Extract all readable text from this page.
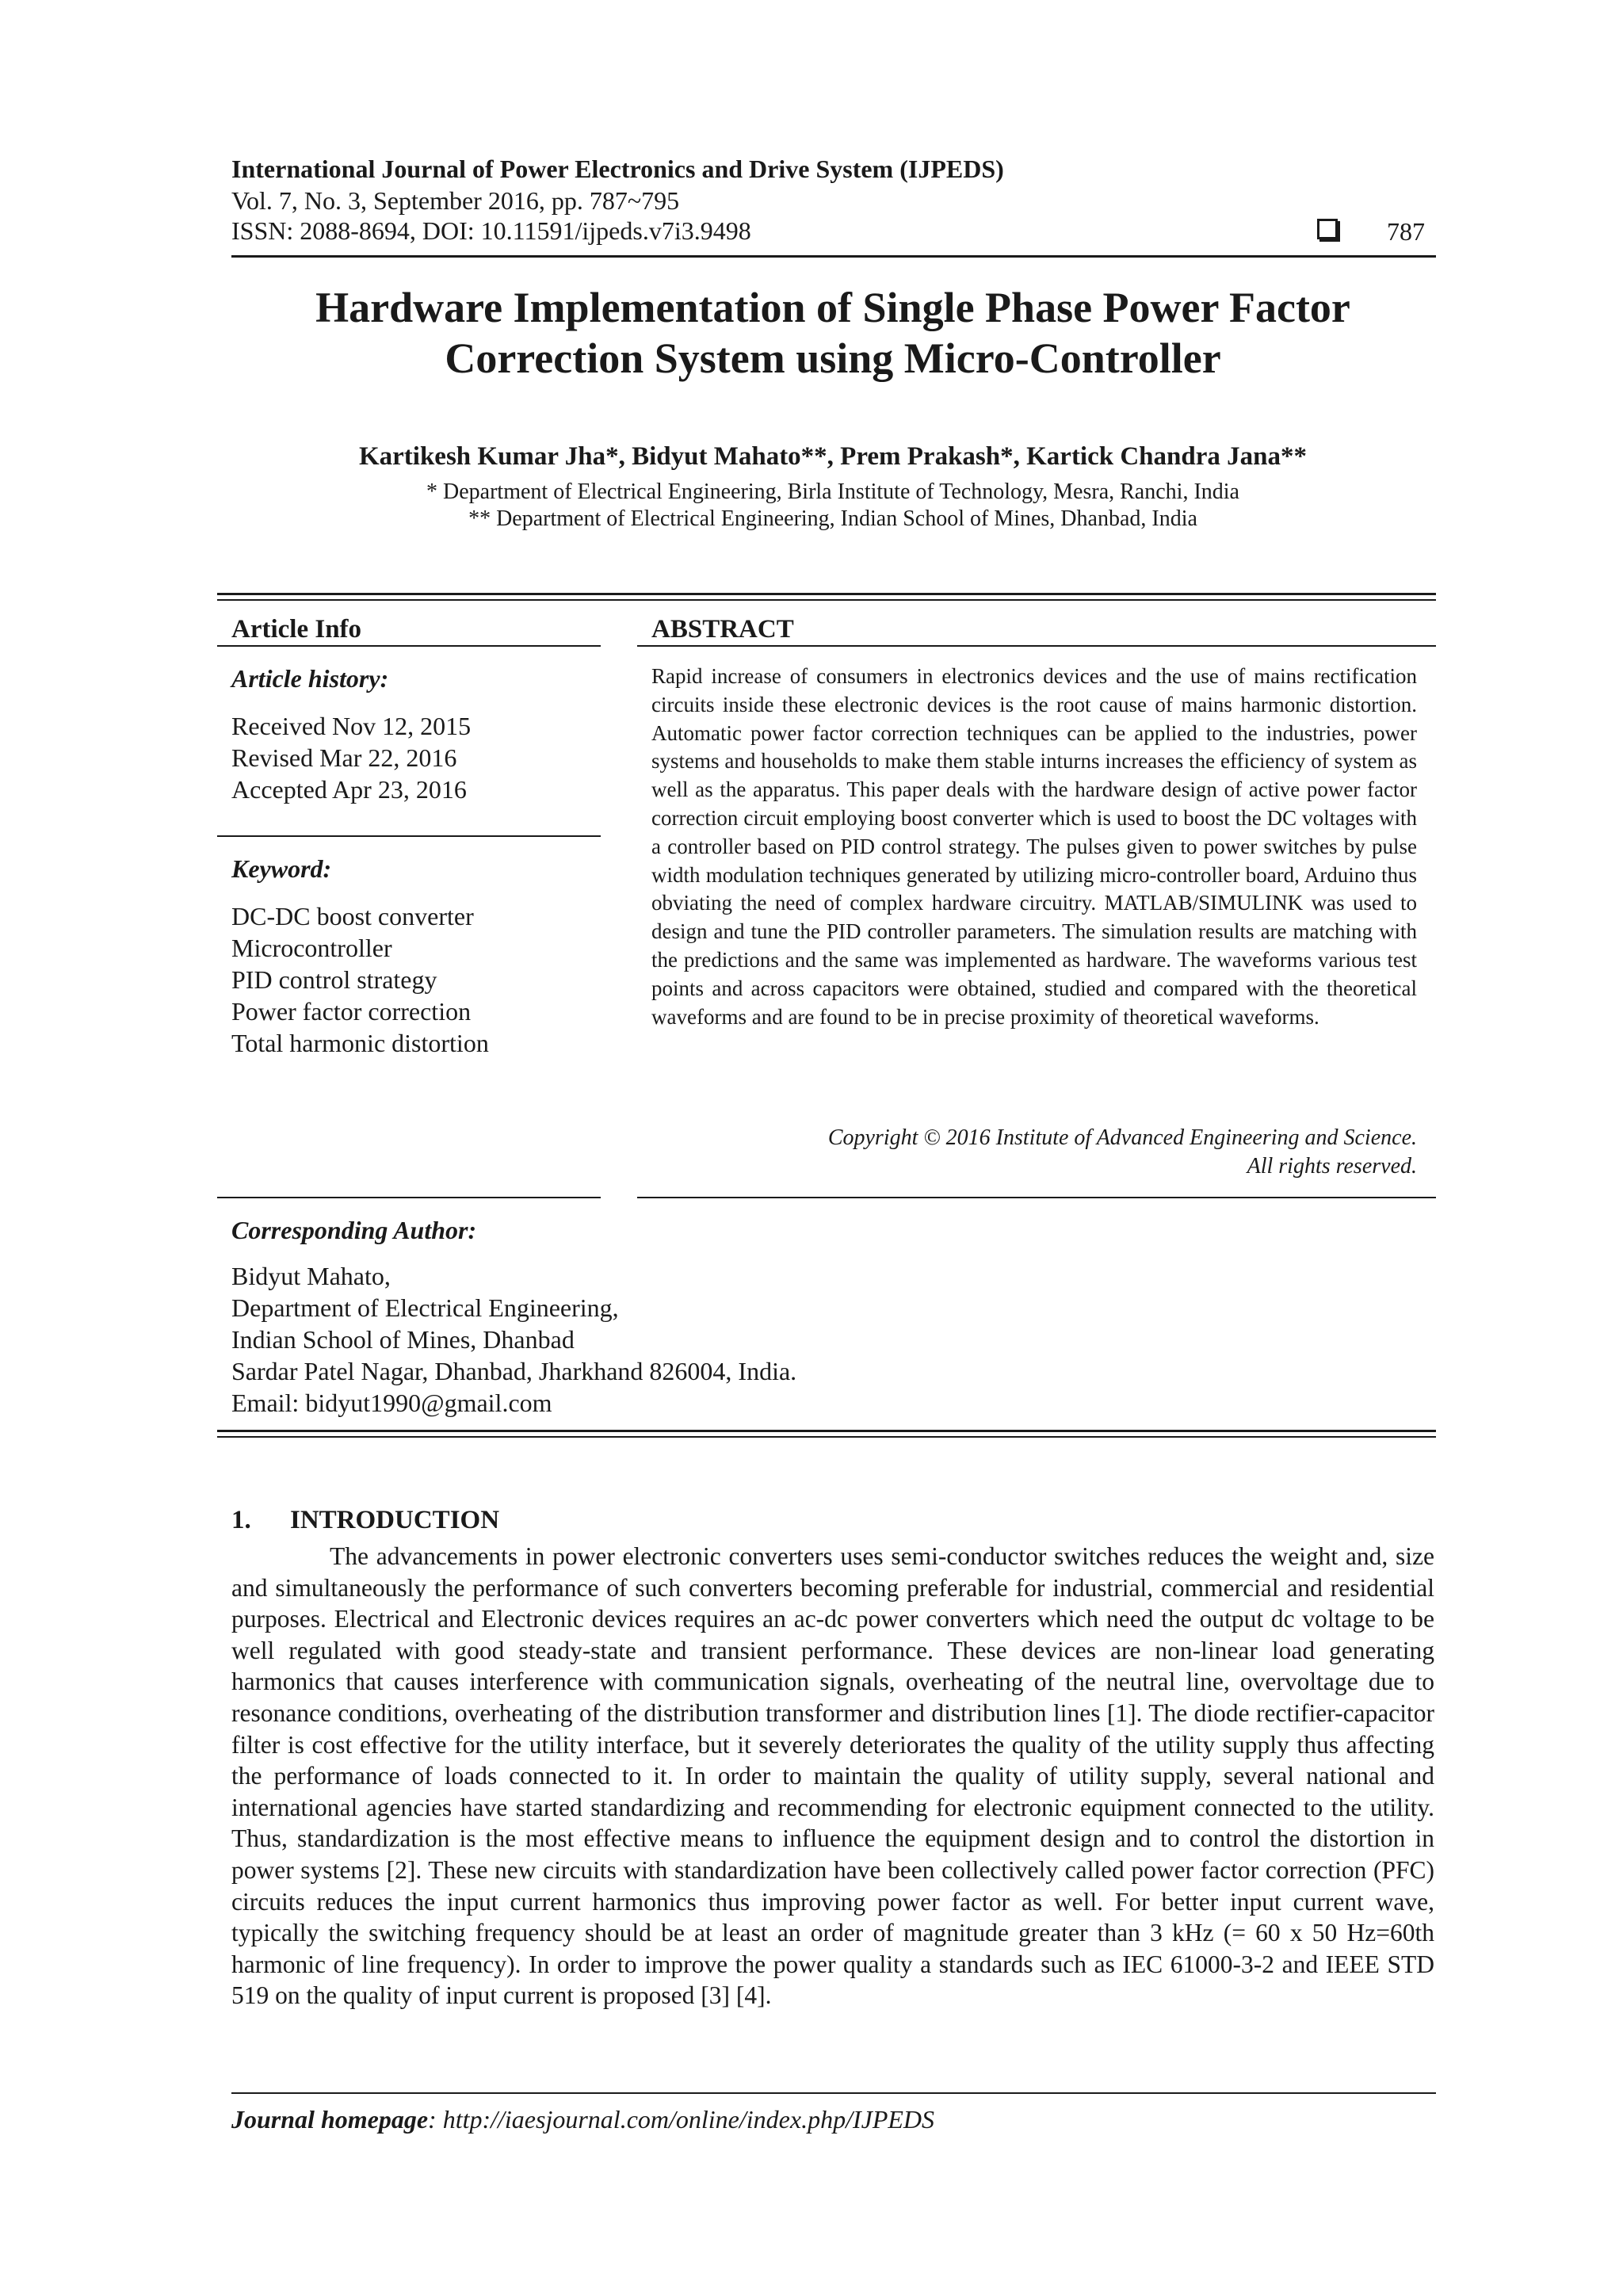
International Journal of Power Electronics and Drive System (IJPEDS)
Vol. 7, No. 3, September 2016, pp. 787~795
ISSN: 2088-8694, DOI: 10.11591/ijpeds.v7i3.9498	787
Hardware Implementation of Single Phase Power Factor
Correction System using Micro-Controller
Kartikesh Kumar Jha*, Bidyut Mahato**, Prem Prakash*, Kartick Chandra Jana**
* Department of Electrical Engineering, Birla Institute of Technology, Mesra, Ranchi, India
** Department of Electrical Engineering, Indian School of Mines, Dhanbad, India
Article Info
Article history:
Received Nov 12, 2015
Revised Mar 22, 2016
Accepted Apr 23, 2016
Keyword:
DC-DC boost converter
Microcontroller
PID control strategy
Power factor correction
Total harmonic distortion
ABSTRACT
Rapid increase of consumers in electronics devices and the use of mains rectification circuits inside these electronic devices is the root cause of mains harmonic distortion. Automatic power factor correction techniques can be applied to the industries, power systems and households to make them stable inturns increases the efficiency of system as well as the apparatus. This paper deals with the hardware design of active power factor correction circuit employing boost converter which is used to boost the DC voltages with a controller based on PID control strategy. The pulses given to power switches by pulse width modulation techniques generated by utilizing micro-controller board, Arduino thus obviating the need of complex hardware circuitry. MATLAB/SIMULINK was used to design and tune the PID controller parameters. The simulation results are matching with the predictions and the same was implemented as hardware. The waveforms various test points and across capacitors were obtained, studied and compared with the theoretical waveforms and are found to be in precise proximity of theoretical waveforms.
Copyright © 2016 Institute of Advanced Engineering and Science.
All rights reserved.
Corresponding Author:
Bidyut Mahato,
Department of Electrical Engineering,
Indian School of Mines, Dhanbad
Sardar Patel Nagar, Dhanbad, Jharkhand 826004, India.
Email: bidyut1990@gmail.com
1. INTRODUCTION
The advancements in power electronic converters uses semi-conductor switches reduces the weight and, size and simultaneously the performance of such converters becoming preferable for industrial, commercial and residential purposes. Electrical and Electronic devices requires an ac-dc power converters which need the output dc voltage to be well regulated with good steady-state and transient performance. These devices are non-linear load generating harmonics that causes interference with communication signals, overheating of the neutral line, overvoltage due to resonance conditions, overheating of the distribution transformer and distribution lines [1]. The diode rectifier-capacitor filter is cost effective for the utility interface, but it severely deteriorates the quality of the utility supply thus affecting the performance of loads connected to it. In order to maintain the quality of utility supply, several national and international agencies have started standardizing and recommending for electronic equipment connected to the utility. Thus, standardization is the most effective means to influence the equipment design and to control the distortion in power systems [2]. These new circuits with standardization have been collectively called power factor correction (PFC) circuits reduces the input current harmonics thus improving power factor as well. For better input current wave, typically the switching frequency should be at least an order of magnitude greater than 3 kHz (= 60 x 50 Hz=60th harmonic of line frequency). In order to improve the power quality a standards such as IEC 61000-3-2 and IEEE STD 519 on the quality of input current is proposed [3] [4].
Journal homepage: http://iaesjournal.com/online/index.php/IJPEDS
